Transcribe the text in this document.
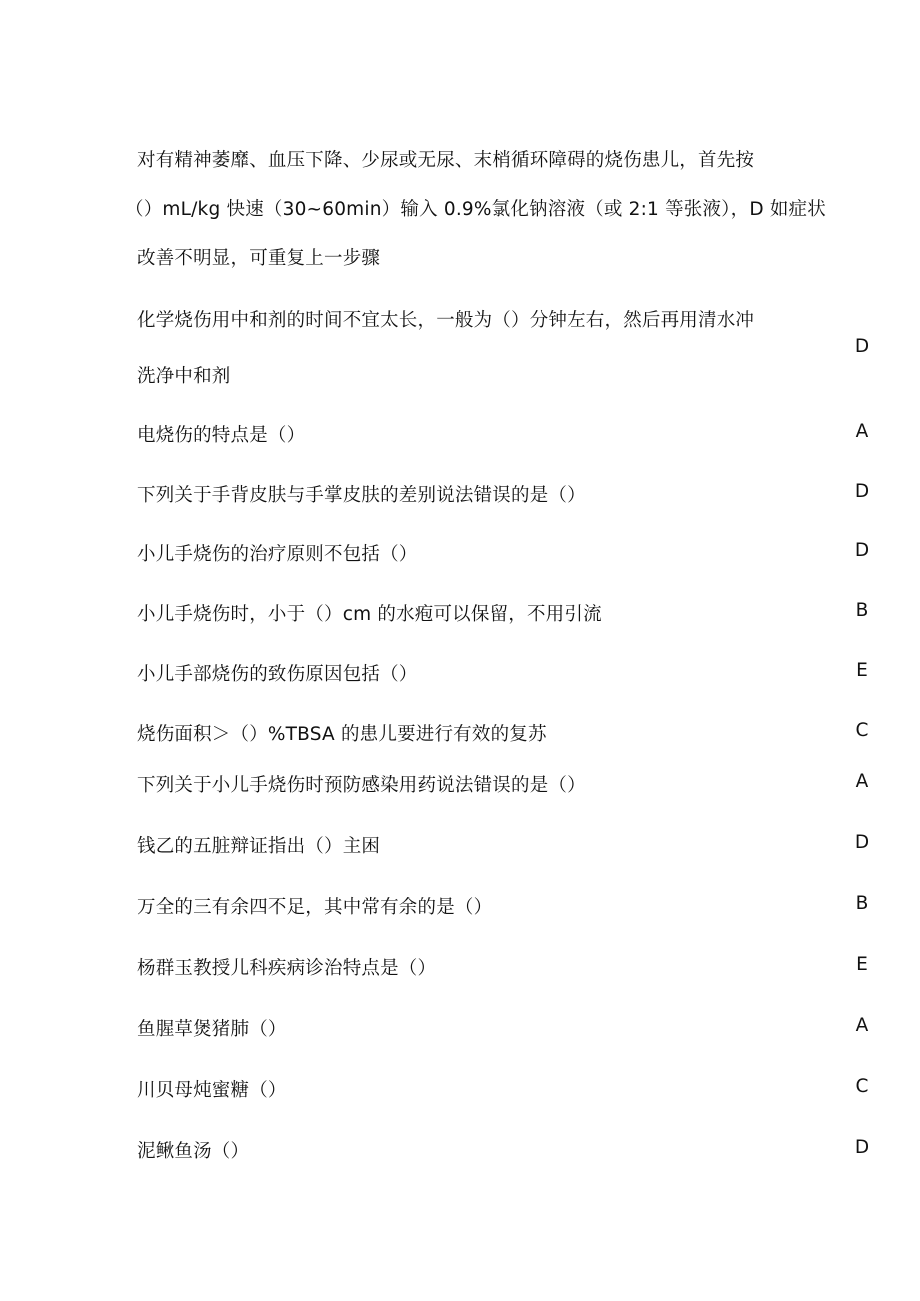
对有精神萎靡、血压下降、少尿或无尿、末梢循环障碍的烧伤患儿，首先按
（）mL/kg 快速（30~60min）输入 0.9%氯化钠溶液（或 2:1 等张液），D 如症状
改善不明显，可重复上一步骤
化学烧伤用中和剂的时间不宜太长，一般为（）分钟左右，然后再用清水冲
洗净中和剂
D
电烧伤的特点是（）	A
下列关于手背皮肤与手掌皮肤的差别说法错误的是（）	D
小儿手烧伤的治疗原则不包括（）	D
小儿手烧伤时，小于（）cm 的水疱可以保留，不用引流	B
小儿手部烧伤的致伤原因包括（）	E
烧伤面积＞（）%TBSA 的患儿要进行有效的复苏	C
下列关于小儿手烧伤时预防感染用药说法错误的是（）	A
钱乙的五脏辩证指出（）主困	D
万全的三有余四不足，其中常有余的是（）	B
杨群玉教授儿科疾病诊治特点是（）	E
鱼腥草煲猪肺（）	A
川贝母炖蜜糖（）	C
泥鳅鱼汤（）	D
